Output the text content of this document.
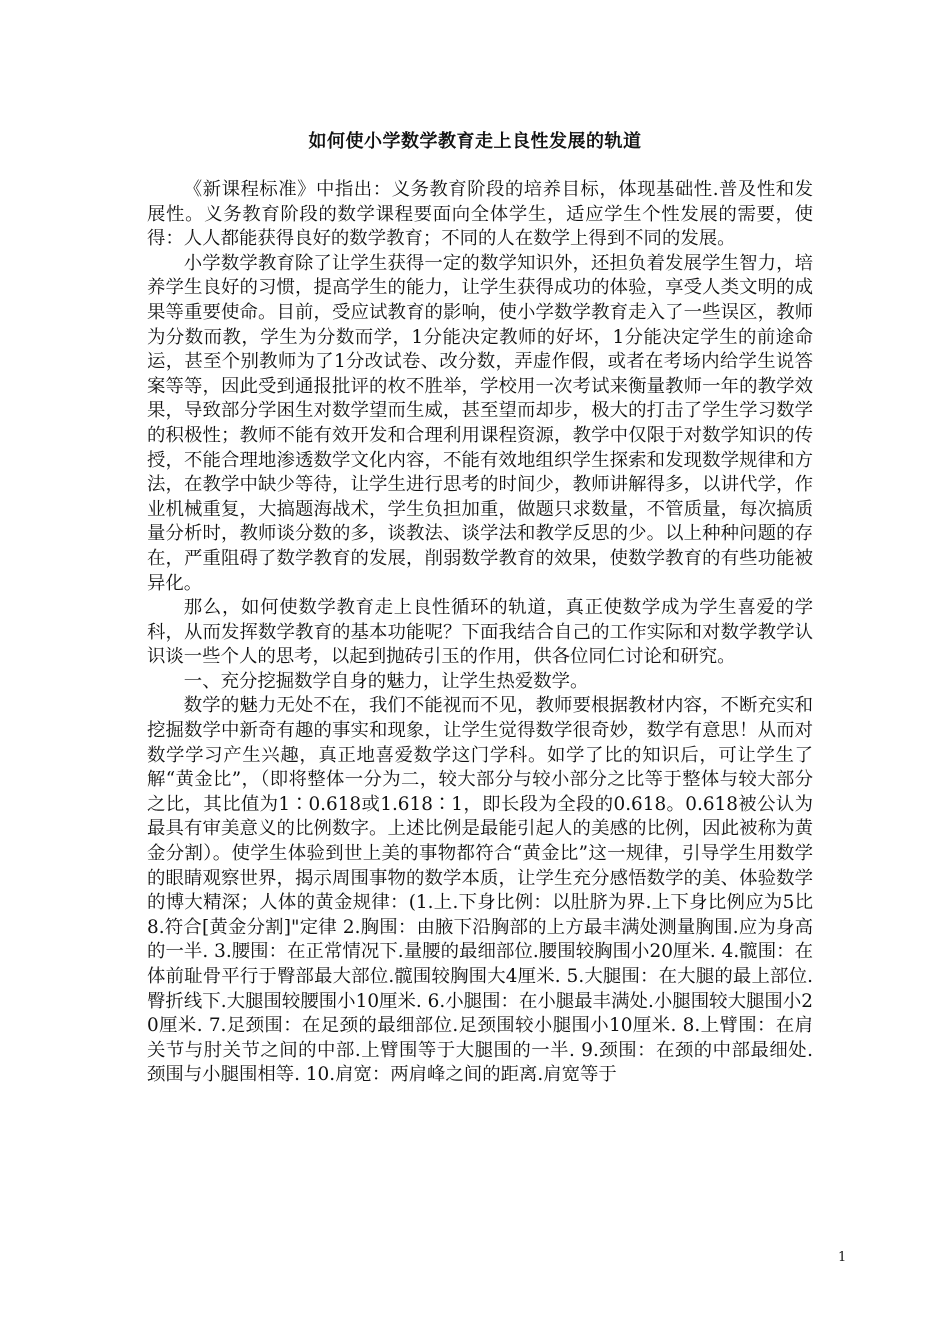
如何使小学数学教育走上良性发展的轨道

《新课程标准》中指出：义务教育阶段的培养目标，体现基础性.普及性和发展性。义务教育阶段的数学课程要面向全体学生，适应学生个性发展的需要，使得：人人都能获得良好的数学教育；不同的人在数学上得到不同的发展。

小学数学教育除了让学生获得一定的数学知识外，还担负着发展学生智力，培养学生良好的习惯，提高学生的能力，让学生获得成功的体验，享受人类文明的成果等重要使命。目前，受应试教育的影响，使小学数学教育走入了一些误区，教师为分数而教，学生为分数而学，1分能决定教师的好坏，1分能决定学生的前途命运，甚至个别教师为了1分改试卷、改分数，弄虚作假，或者在考场内给学生说答案等等，因此受到通报批评的枚不胜举，学校用一次考试来衡量教师一年的教学效果，导致部分学困生对数学望而生威，甚至望而却步，极大的打击了学生学习数学的积极性；教师不能有效开发和合理利用课程资源，教学中仅限于对数学知识的传授，不能合理地渗透数学文化内容，不能有效地组织学生探索和发现数学规律和方法，在教学中缺少等待，让学生进行思考的时间少，教师讲解得多，以讲代学，作业机械重复，大搞题海战术，学生负担加重，做题只求数量，不管质量，每次搞质量分析时，教师谈分数的多，谈教法、谈学法和教学反思的少。以上种种问题的存在，严重阻碍了数学教育的发展，削弱数学教育的效果，使数学教育的有些功能被异化。

那么，如何使数学教育走上良性循环的轨道，真正使数学成为学生喜爱的学科，从而发挥数学教育的基本功能呢？下面我结合自己的工作实际和对数学教学认识谈一些个人的思考，以起到抛砖引玉的作用，供各位同仁讨论和研究。

一、充分挖掘数学自身的魅力，让学生热爱数学。

数学的魅力无处不在，我们不能视而不见，教师要根据教材内容，不断充实和挖掘数学中新奇有趣的事实和现象，让学生觉得数学很奇妙，数学有意思！从而对数学学习产生兴趣，真正地喜爱数学这门学科。如学了比的知识后，可让学生了解“黄金比”，（即将整体一分为二，较大部分与较小部分之比等于整体与较大部分之比，其比值为1∶0.618或1.618∶1，即长段为全段的0.618。0.618被公认为最具有审美意义的比例数字。上述比例是最能引起人的美感的比例，因此被称为黄金分割）。使学生体验到世上美的事物都符合“黄金比”这一规律，引导学生用数学的眼睛观察世界，揭示周围事物的数学本质，让学生充分感悟数学的美、体验数学的博大精深；人体的黄金规律：(1.上.下身比例：以肚脐为界.上下身比例应为5比8.符合[黄金分割]"定律 2.胸围：由腋下沿胸部的上方最丰满处测量胸围.应为身高的一半. 3.腰围：在正常情况下.量腰的最细部位.腰围较胸围小20厘米. 4.髋围：在体前耻骨平行于臀部最大部位.髋围较胸围大4厘米. 5.大腿围：在大腿的最上部位.臀折线下.大腿围较腰围小10厘米. 6.小腿围：在小腿最丰满处.小腿围较大腿围小20厘米. 7.足颈围：在足颈的最细部位.足颈围较小腿围小10厘米. 8.上臂围：在肩关节与肘关节之间的中部.上臂围等于大腿围的一半. 9.颈围：在颈的中部最细处.颈围与小腿围相等. 10.肩宽：两肩峰之间的距离.肩宽等于

1
